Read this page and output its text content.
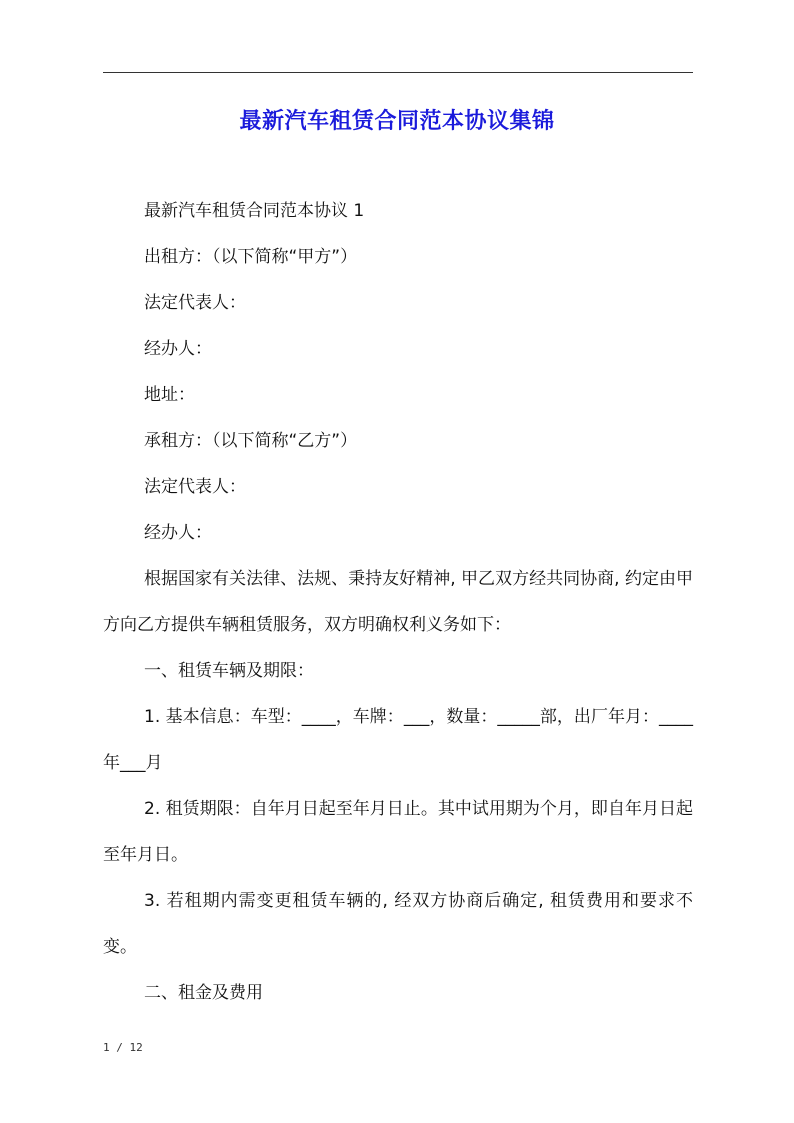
最新汽车租赁合同范本协议集锦

最新汽车租赁合同范本协议 1

出租方：（以下简称“甲方”）

法定代表人：

经办人：

地址：

承租方：（以下简称“乙方”）

法定代表人：

经办人：

根据国家有关法律、法规、秉持友好精神, 甲乙双方经共同协商, 约定由甲方向乙方提供车辆租赁服务，双方明确权利义务如下：

一、租赁车辆及期限：

1. 基本信息：车型：____，车牌：___，数量：_____部，出厂年月：____年___月

2. 租赁期限：自年月日起至年月日止。其中试用期为个月，即自年月日起至年月日。

3. 若租期内需变更租赁车辆的, 经双方协商后确定, 租赁费用和要求不变。

二、租金及费用

1 / 12
